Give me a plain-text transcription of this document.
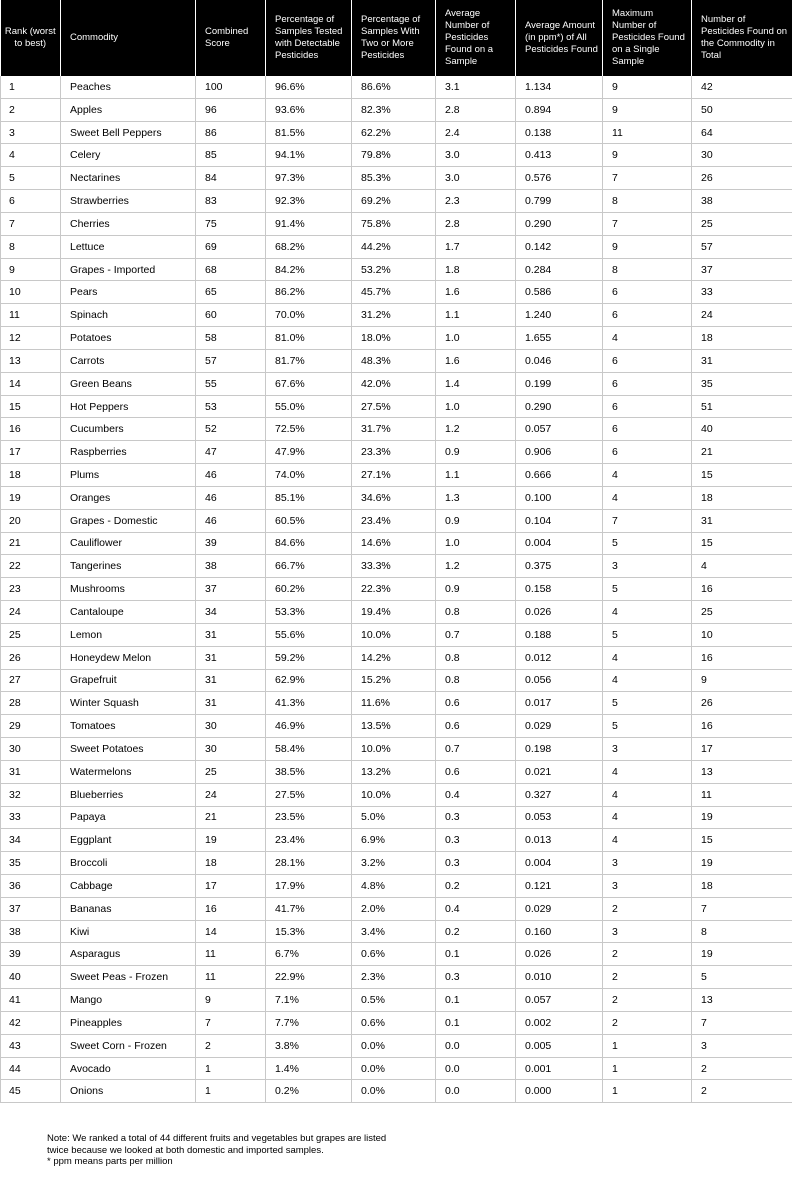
Rank (worst to best)	Commodity	Combined Score	Percentage of Samples Tested with Detectable Pesticides	Percentage of Samples With Two or More Pesticides	Average Number of Pesticides Found on a Sample	Average Amount (in ppm*) of All Pesticides Found	Maximum Number of Pesticides Found on a Single Sample	Number of Pesticides Found on the Commodity in Total
1	Peaches	100	96.6%	86.6%	3.1	1.134	9	42
2	Apples	96	93.6%	82.3%	2.8	0.894	9	50
3	Sweet Bell Peppers	86	81.5%	62.2%	2.4	0.138	11	64
4	Celery	85	94.1%	79.8%	3.0	0.413	9	30
5	Nectarines	84	97.3%	85.3%	3.0	0.576	7	26
6	Strawberries	83	92.3%	69.2%	2.3	0.799	8	38
7	Cherries	75	91.4%	75.8%	2.8	0.290	7	25
8	Lettuce	69	68.2%	44.2%	1.7	0.142	9	57
9	Grapes - Imported	68	84.2%	53.2%	1.8	0.284	8	37
10	Pears	65	86.2%	45.7%	1.6	0.586	6	33
11	Spinach	60	70.0%	31.2%	1.1	1.240	6	24
12	Potatoes	58	81.0%	18.0%	1.0	1.655	4	18
13	Carrots	57	81.7%	48.3%	1.6	0.046	6	31
14	Green Beans	55	67.6%	42.0%	1.4	0.199	6	35
15	Hot Peppers	53	55.0%	27.5%	1.0	0.290	6	51
16	Cucumbers	52	72.5%	31.7%	1.2	0.057	6	40
17	Raspberries	47	47.9%	23.3%	0.9	0.906	6	21
18	Plums	46	74.0%	27.1%	1.1	0.666	4	15
19	Oranges	46	85.1%	34.6%	1.3	0.100	4	18
20	Grapes - Domestic	46	60.5%	23.4%	0.9	0.104	7	31
21	Cauliflower	39	84.6%	14.6%	1.0	0.004	5	15
22	Tangerines	38	66.7%	33.3%	1.2	0.375	3	4
23	Mushrooms	37	60.2%	22.3%	0.9	0.158	5	16
24	Cantaloupe	34	53.3%	19.4%	0.8	0.026	4	25
25	Lemon	31	55.6%	10.0%	0.7	0.188	5	10
26	Honeydew Melon	31	59.2%	14.2%	0.8	0.012	4	16
27	Grapefruit	31	62.9%	15.2%	0.8	0.056	4	9
28	Winter Squash	31	41.3%	11.6%	0.6	0.017	5	26
29	Tomatoes	30	46.9%	13.5%	0.6	0.029	5	16
30	Sweet Potatoes	30	58.4%	10.0%	0.7	0.198	3	17
31	Watermelons	25	38.5%	13.2%	0.6	0.021	4	13
32	Blueberries	24	27.5%	10.0%	0.4	0.327	4	11
33	Papaya	21	23.5%	5.0%	0.3	0.053	4	19
34	Eggplant	19	23.4%	6.9%	0.3	0.013	4	15
35	Broccoli	18	28.1%	3.2%	0.3	0.004	3	19
36	Cabbage	17	17.9%	4.8%	0.2	0.121	3	18
37	Bananas	16	41.7%	2.0%	0.4	0.029	2	7
38	Kiwi	14	15.3%	3.4%	0.2	0.160	3	8
39	Asparagus	11	6.7%	0.6%	0.1	0.026	2	19
40	Sweet Peas - Frozen	11	22.9%	2.3%	0.3	0.010	2	5
41	Mango	9	7.1%	0.5%	0.1	0.057	2	13
42	Pineapples	7	7.7%	0.6%	0.1	0.002	2	7
43	Sweet Corn - Frozen	2	3.8%	0.0%	0.0	0.005	1	3
44	Avocado	1	1.4%	0.0%	0.0	0.001	1	2
45	Onions	1	0.2%	0.0%	0.0	0.000	1	2
Note: We ranked a total of 44 different fruits and vegetables but grapes are listed
twice because we looked at both domestic and imported samples.
* ppm means parts per million
